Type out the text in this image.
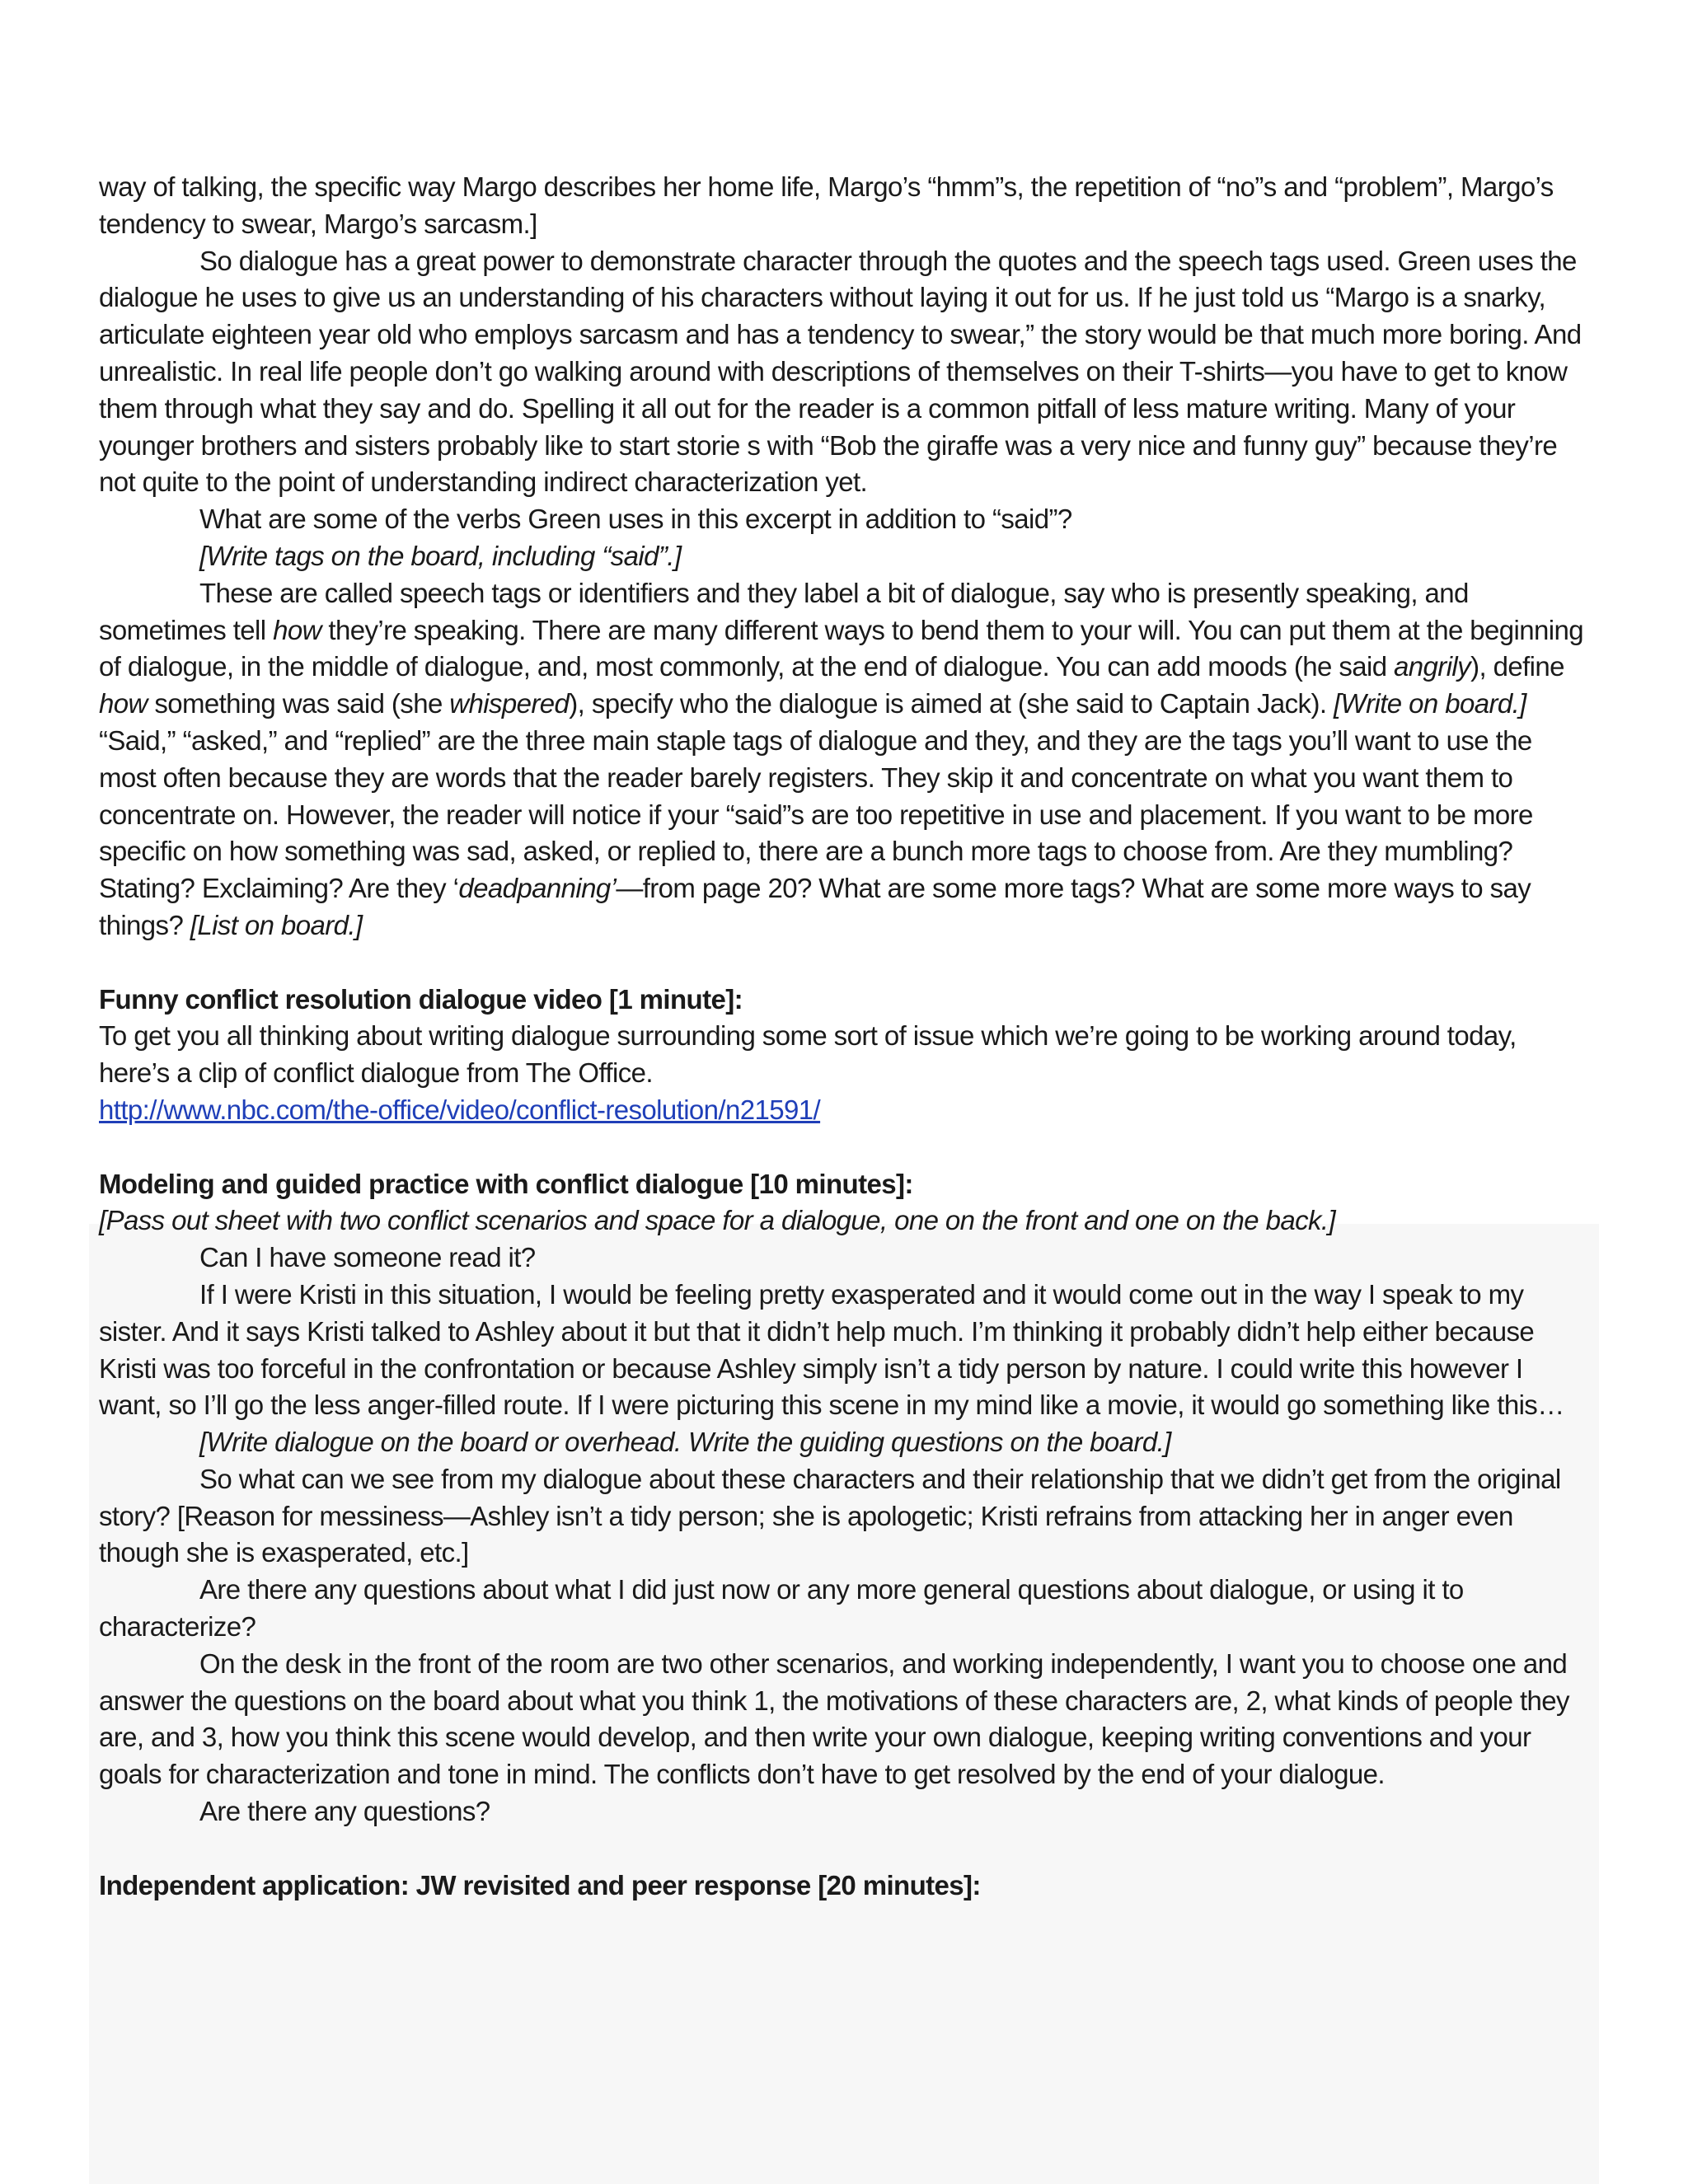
way of talking, the specific way Margo describes her home life, Margo’s “hmm”s, the repetition of “no”s and “problem”, Margo’s tendency to swear, Margo’s sarcasm.]

So dialogue has a great power to demonstrate character through the quotes and the speech tags used. Green uses the dialogue he uses to give us an understanding of his characters without laying it out for us. If he just told us “Margo is a snarky, articulate eighteen year old who employs sarcasm and has a tendency to swear,” the story would be that much more boring. And unrealistic. In real life people don’t go walking around with descriptions of themselves on their T-shirts—you have to get to know them through what they say and do. Spelling it all out for the reader is a common pitfall of less mature writing. Many of your younger brothers and sisters probably like to start storie s with “Bob the giraffe was a very nice and funny guy” because they’re not quite to the point of understanding indirect characterization yet.

What are some of the verbs Green uses in this excerpt in addition to “said”?

[Write tags on the board, including “said”.]

These are called speech tags or identifiers and they label a bit of dialogue, say who is presently speaking, and sometimes tell how they’re speaking. There are many different ways to bend them to your will. You can put them at the beginning of dialogue, in the middle of dialogue, and, most commonly, at the end of dialogue. You can add moods (he said angrily), define how something was said (she whispered), specify who the dialogue is aimed at (she said to Captain Jack). [Write on board.] “Said,” “asked,” and “replied” are the three main staple tags of dialogue and they, and they are the tags you’ll want to use the most often because they are words that the reader barely registers. They skip it and concentrate on what you want them to concentrate on. However, the reader will notice if your “said”s are too repetitive in use and placement. If you want to be more specific on how something was sad, asked, or replied to, there are a bunch more tags to choose from. Are they mumbling? Stating? Exclaiming? Are they ‘deadpanning’—from page 20? What are some more tags? What are some more ways to say things? [List on board.]

Funny conflict resolution dialogue video [1 minute]:

To get you all thinking about writing dialogue surrounding some sort of issue which we’re going to be working around today, here’s a clip of conflict dialogue from The Office.

http://www.nbc.com/the-office/video/conflict-resolution/n21591/

Modeling and guided practice with conflict dialogue [10 minutes]:

[Pass out sheet with two conflict scenarios and space for a dialogue, one on the front and one on the back.]

Can I have someone read it?

If I were Kristi in this situation, I would be feeling pretty exasperated and it would come out in the way I speak to my sister. And it says Kristi talked to Ashley about it but that it didn’t help much. I’m thinking it probably didn’t help either because Kristi was too forceful in the confrontation or because Ashley simply isn’t a tidy person by nature. I could write this however I want, so I’ll go the less anger-filled route. If I were picturing this scene in my mind like a movie, it would go something like this…

[Write dialogue on the board or overhead. Write the guiding questions on the board.]

So what can we see from my dialogue about these characters and their relationship that we didn’t get from the original story? [Reason for messiness—Ashley isn’t a tidy person; she is apologetic; Kristi refrains from attacking her in anger even though she is exasperated, etc.]

Are there any questions about what I did just now or any more general questions about dialogue, or using it to characterize?

On the desk in the front of the room are two other scenarios, and working independently, I want you to choose one and answer the questions on the board about what you think 1, the motivations of these characters are, 2, what kinds of people they are, and 3, how you think this scene would develop, and then write your own dialogue, keeping writing conventions and your goals for characterization and tone in mind. The conflicts don’t have to get resolved by the end of your dialogue.

Are there any questions?

Independent application: JW revisited and peer response [20 minutes]:
